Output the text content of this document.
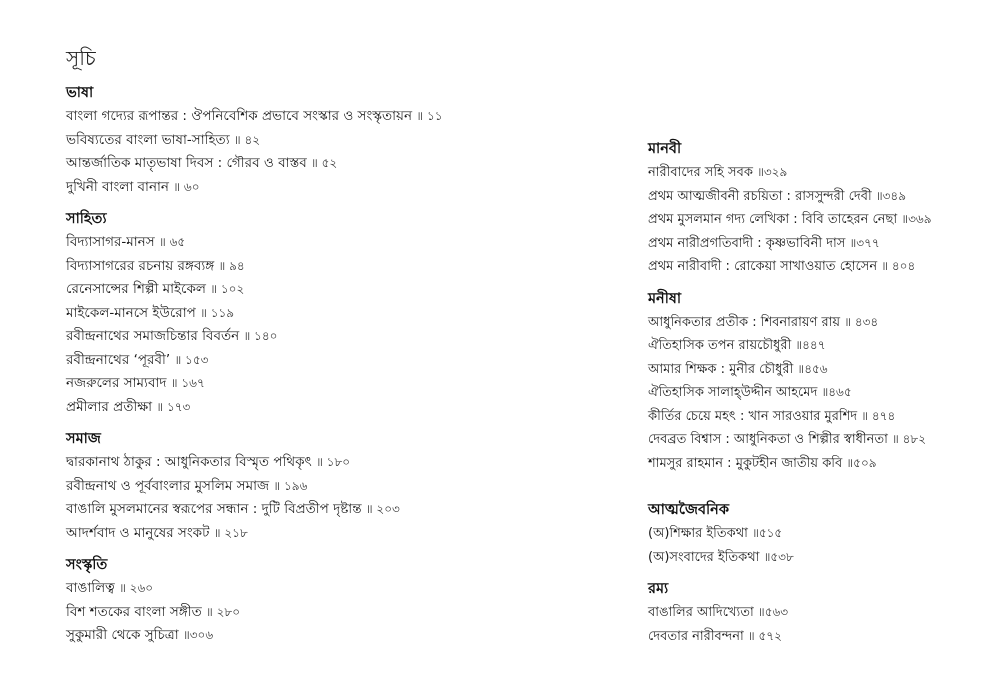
সূচি
ভাষা
বাংলা গদ্যের রূপান্তর : ঔপনিবেশিক প্রভাবে সংস্কার ও সংস্কৃতায়ন ॥ ১১
ভবিষ্যতের বাংলা ভাষা-সাহিত্য ॥ ৪২
আন্তর্জাতিক মাতৃভাষা দিবস : গৌরব ও বাস্তব ॥ ৫২
দুখিনী বাংলা বানান ॥ ৬০
সাহিত্য
বিদ্যাসাগর-মানস ॥ ৬৫
বিদ্যাসাগরের রচনায় রঙ্গব্যঙ্গ ॥ ৯৪
রেনেসান্সের শিল্পী মাইকেল ॥ ১০২
মাইকেল-মানসে ইউরোপ ॥ ১১৯
রবীন্দ্রনাথের সমাজচিন্তার বিবর্তন ॥ ১৪০
রবীন্দ্রনাথের ‘পূরবী’ ॥ ১৫৩
নজরুলের সাম্যবাদ ॥ ১৬৭
প্রমীলার প্রতীক্ষা ॥ ১৭৩
সমাজ
দ্বারকানাথ ঠাকুর : আধুনিকতার বিস্মৃত পথিকৃৎ ॥ ১৮০
রবীন্দ্রনাথ ও পূর্ববাংলার মুসলিম সমাজ ॥ ১৯৬
বাঙালি মুসলমানের স্বরূপের সন্ধান : দুটি বিপ্রতীপ দৃষ্টান্ত ॥ ২০৩
আদর্শবাদ ও মানুষের সংকট ॥ ২১৮
সংস্কৃতি
বাঙালিত্ব ॥ ২৬০
বিশ শতকের বাংলা সঙ্গীত ॥ ২৮০
সুকুমারী থেকে সুচিত্রা ॥৩০৬
মানবী
নারীবাদের সহি সবক ॥৩২৯
প্রথম আত্মজীবনী রচয়িতা : রাসসুন্দরী দেবী ॥৩৪৯
প্রথম মুসলমান গদ্য লেখিকা : বিবি তাহেরন নেছা ॥৩৬৯
প্রথম নারীপ্রগতিবাদী : কৃষ্ণভাবিনী দাস ॥৩৭৭
প্রথম নারীবাদী : রোকেয়া সাখাওয়াত হোসেন ॥ ৪০৪
মনীষা
আধুনিকতার প্রতীক : শিবনারায়ণ রায় ॥ ৪৩৪
ঐতিহাসিক তপন রায়চৌধুরী ॥৪৪৭
আমার শিক্ষক : মুনীর চৌধুরী ॥৪৫৬
ঐতিহাসিক সালাহ্উদ্দীন আহমেদ ॥৪৬৫
কীর্তির চেয়ে মহৎ : খান সারওয়ার মুরশিদ ॥ ৪৭৪
দেবব্রত বিশ্বাস : আধুনিকতা ও শিল্পীর স্বাধীনতা ॥ ৪৮২
শামসুর রাহমান : মুকুটহীন জাতীয় কবি ॥৫০৯
আত্মজৈবনিক
(অ)শিক্ষার ইতিকথা ॥৫১৫
(অ)সংবাদের ইতিকথা ॥৫৩৮
রম্য
বাঙালির আদিখ্যেতা ॥৫৬৩
দেবতার নারীবন্দনা ॥ ৫৭২
